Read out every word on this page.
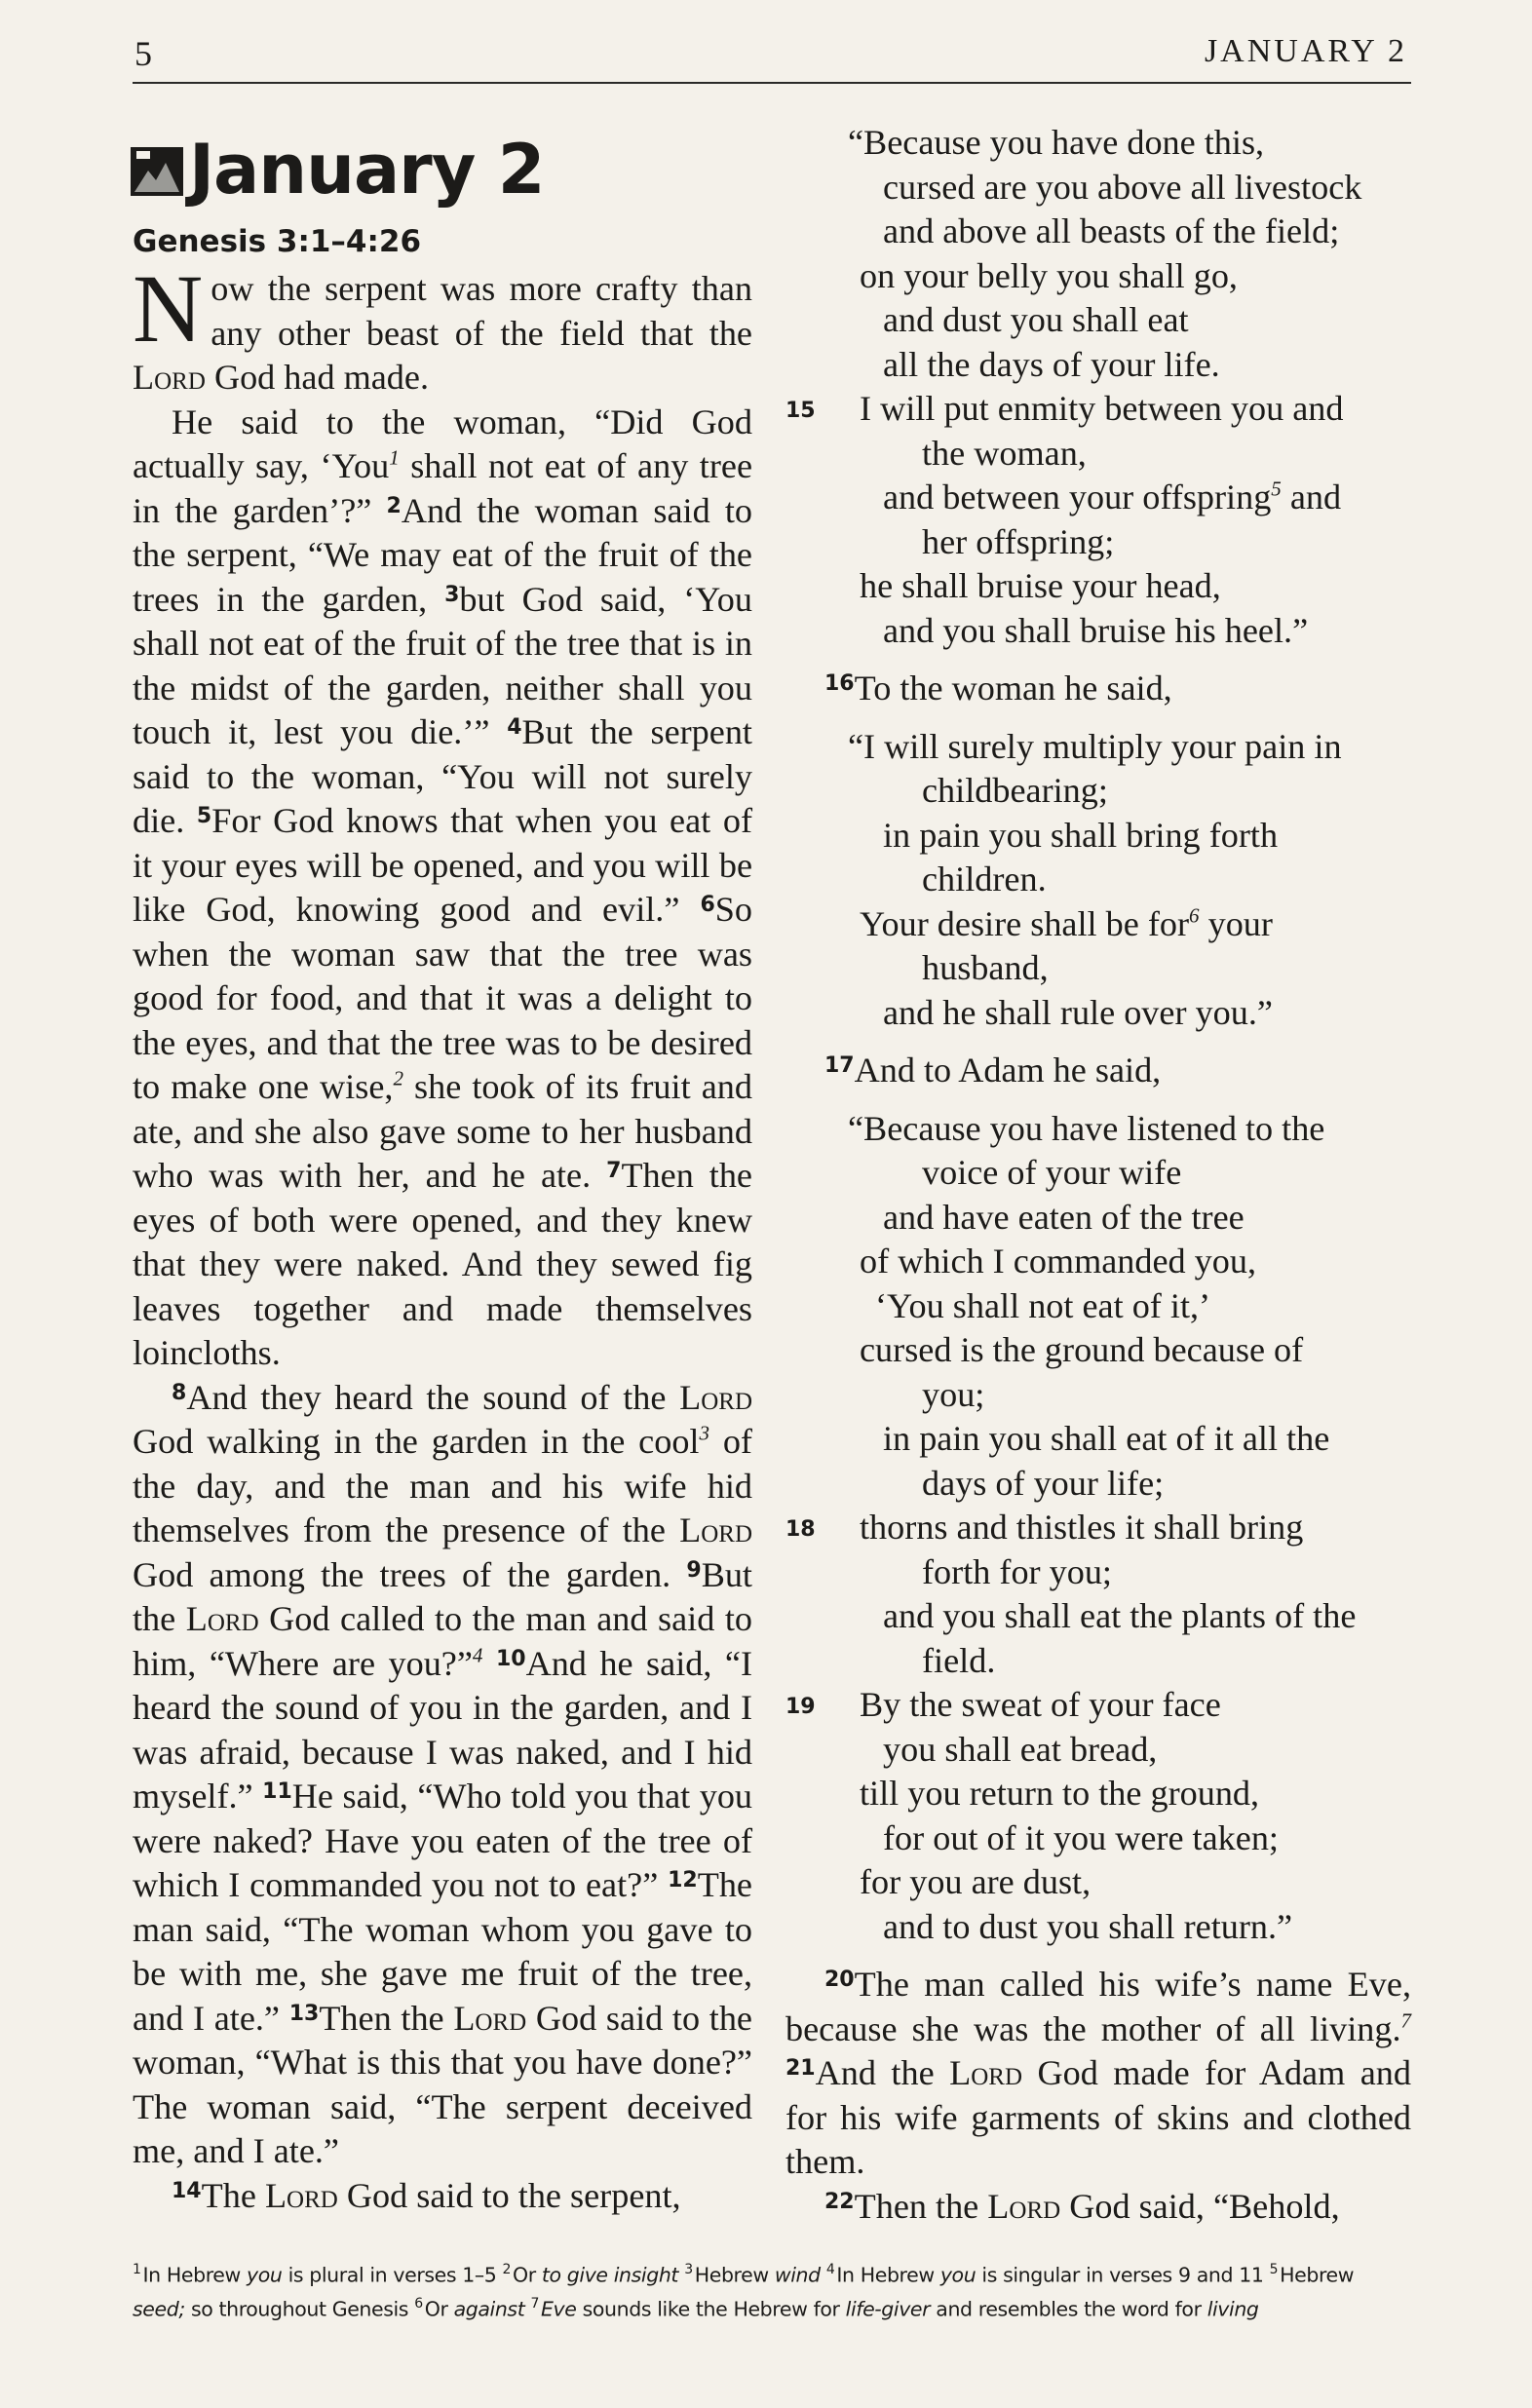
5	JANUARY 2
January 2
Genesis 3:1–4:26

N ow the serpent was more crafty than any other beast of the field that the Lord God had made.

He said to the woman, “Did God actually say, ‘You$^1$ shall not eat of any tree in the garden’?” $^2$And the woman said to the serpent, “We may eat of the fruit of the trees in the garden, $^3$but God said, ‘You shall not eat of the fruit of the tree that is in the midst of the garden, neither shall you touch it, lest you die.’” $^4$But the serpent said to the woman, “You will not surely die. $^5$For God knows that when you eat of it your eyes will be opened, and you will be like God, knowing good and evil.” $^6$So when the woman saw that the tree was good for food, and that it was a delight to the eyes, and that the tree was to be desired to make one wise,$^2$ she took of its fruit and ate, and she also gave some to her husband who was with her, and he ate. $^7$Then the eyes of both were opened, and they knew that they were naked. And they sewed fig leaves together and made themselves loincloths.

$^8$And they heard the sound of the Lord God walking in the garden in the cool$^3$ of the day, and the man and his wife hid themselves from the presence of the Lord God among the trees of the garden. $^9$But the Lord God called to the man and said to him, “Where are you?”$^4$ $^{10}$And he said, “I heard the sound of you in the garden, and I was afraid, because I was naked, and I hid myself.” $^{11}$He said, “Who told you that you were naked? Have you eaten of the tree of which I commanded you not to eat?” $^{12}$The man said, “The woman whom you gave to be with me, she gave me fruit of the tree, and I ate.” $^{13}$Then the Lord God said to the woman, “What is this that you have done?” The woman said, “The serpent deceived me, and I ate.”

$^{14}$The Lord God said to the serpent,

“Because you have done this,
cursed are you above all livestock
and above all beasts of the field;
on your belly you shall go,
and dust you shall eat
all the days of your life.
15	I will put enmity between you and
the woman,
and between your offspring$^5$ and
her offspring;
he shall bruise your head,
and you shall bruise his heel.”

$^{16}$To the woman he said,

“I will surely multiply your pain in
childbearing;
in pain you shall bring forth
children.
Your desire shall be for$^6$ your
husband,
and he shall rule over you.”

$^{17}$And to Adam he said,

“Because you have listened to the
voice of your wife
and have eaten of the tree
of which I commanded you,
‘You shall not eat of it,’
cursed is the ground because of
you;
in pain you shall eat of it all the
days of your life;
18	thorns and thistles it shall bring
forth for you;
and you shall eat the plants of the
field.
19	By the sweat of your face
you shall eat bread,
till you return to the ground,
for out of it you were taken;
for you are dust,
and to dust you shall return.”

$^{20}$The man called his wife’s name Eve, because she was the mother of all living.$^7$ $^{21}$And the Lord God made for Adam and for his wife garments of skins and clothed them.

$^{22}$Then the Lord God said, “Behold,

$^1$In Hebrew you is plural in verses 1–5 $^2$Or to give insight $^3$Hebrew wind $^4$In Hebrew you is singular in verses 9 and 11 $^5$Hebrew seed; so throughout Genesis $^6$Or against $^7$Eve sounds like the Hebrew for life-giver and resembles the word for living
